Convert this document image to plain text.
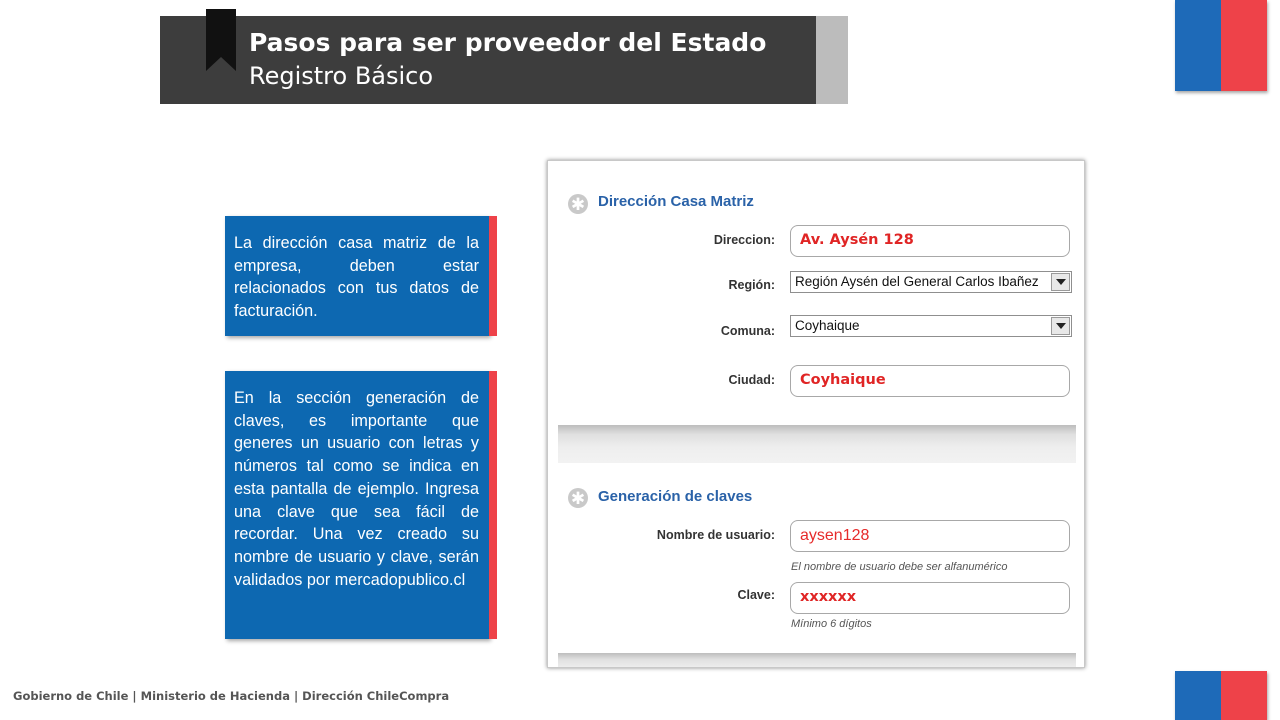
Pasos para ser proveedor del Estado
Registro Básico
La dirección casa matriz de la empresa, deben estar relacionados con tus datos de facturación.
En la sección generación de claves, es importante que generes un usuario con letras y números tal como se indica en esta pantalla de ejemplo. Ingresa una clave que sea fácil de recordar. Una vez creado su nombre de usuario y clave, serán validados por mercadopublico.cl
✱ Dirección Casa Matriz
Direccion:	Av. Aysén 128
Región:	Región Aysén del General Carlos Ibañez
Comuna:	Coyhaique
Ciudad:	Coyhaique
✱ Generación de claves
Nombre de usuario:	aysen128
El nombre de usuario debe ser alfanumérico
Clave:	xxxxxx
Mínimo 6 dígitos
Gobierno de Chile | Ministerio de Hacienda | Dirección ChileCompra
